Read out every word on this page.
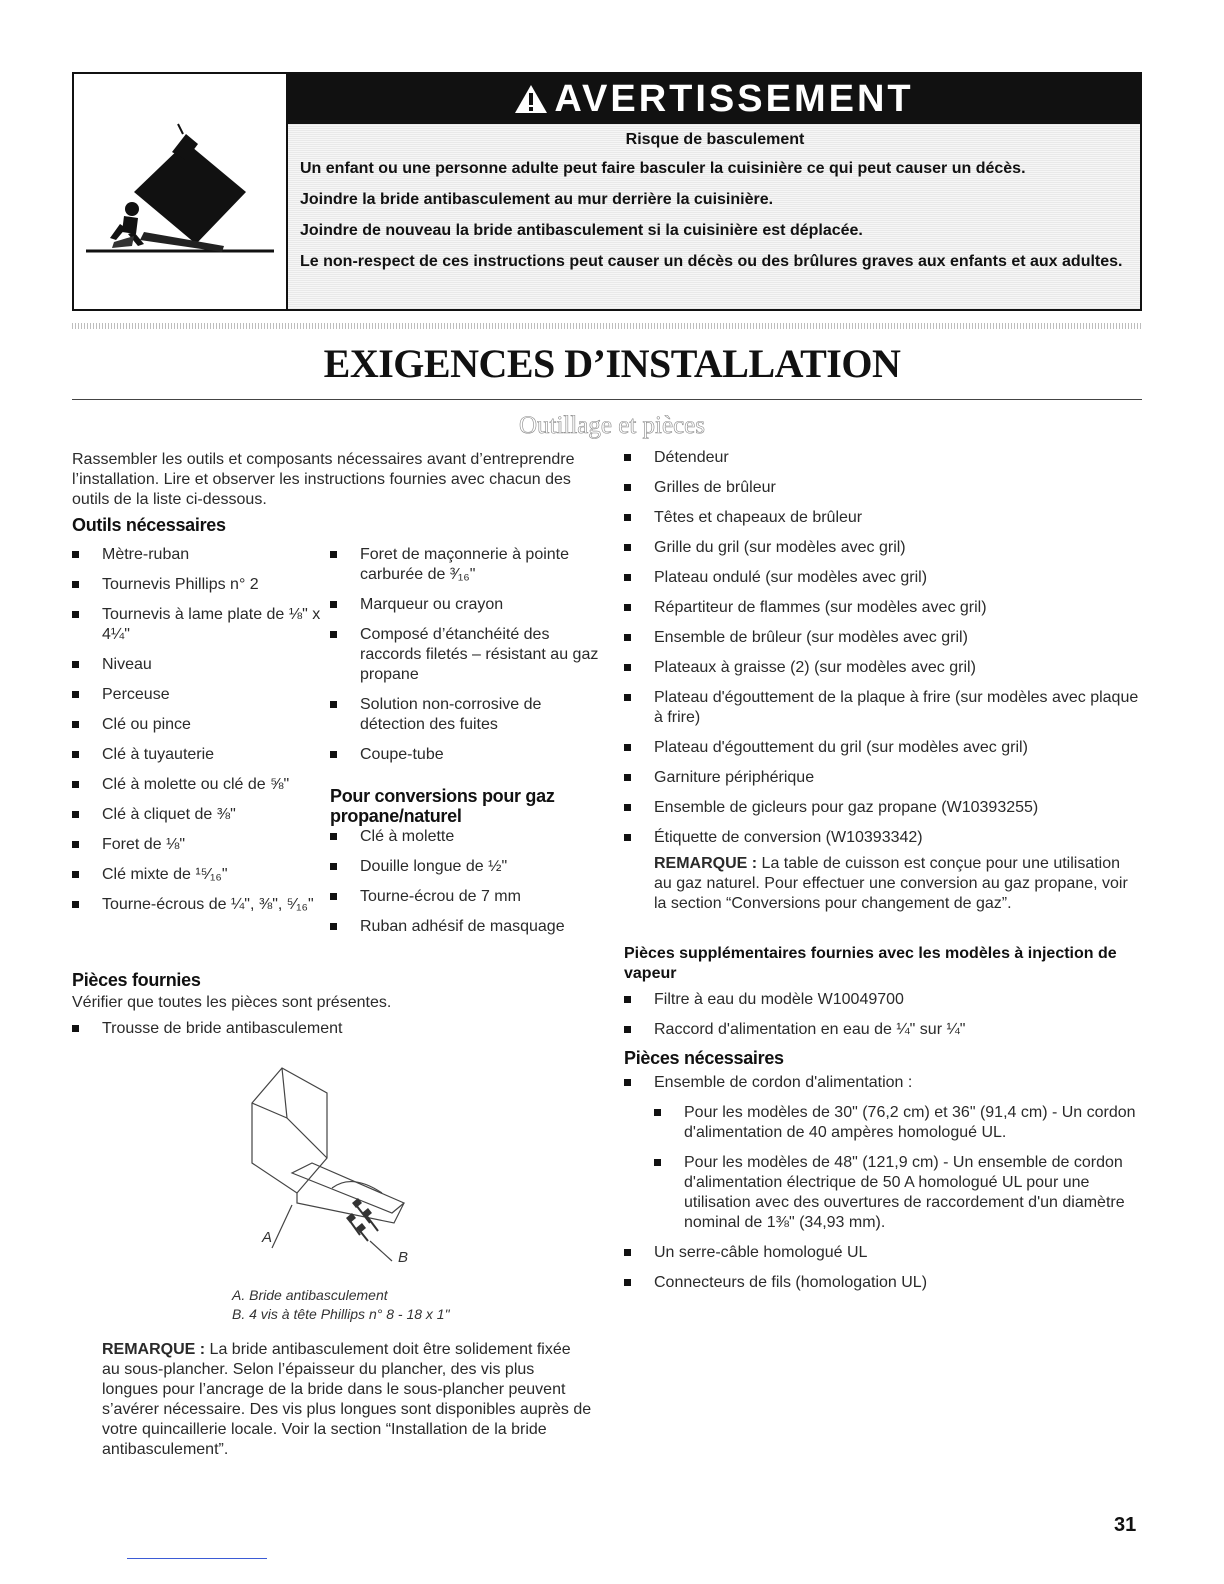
AVERTISSEMENT
Risque de basculement
Un enfant ou une personne adulte peut faire basculer la cuisinière ce qui peut causer un décès.
Joindre la bride antibasculement au mur derrière la cuisinière.
Joindre de nouveau la bride antibasculement si la cuisinière est déplacée.
Le non-respect de ces instructions peut causer un décès ou des brûlures graves aux enfants et aux adultes.
EXIGENCES D’INSTALLATION
Outillage et pièces
Rassembler les outils et composants nécessaires avant d’entreprendre l’installation. Lire et observer les instructions fournies avec chacun des outils de la liste ci-dessous.
Outils nécessaires
Mètre-ruban
Tournevis Phillips n° 2
Tournevis à lame plate de ⅛" x 4¼"
Niveau
Perceuse
Clé ou pince
Clé à tuyauterie
Clé à molette ou clé de ⅝"
Clé à cliquet de ⅜"
Foret de ⅛"
Clé mixte de ¹⁵⁄₁₆"
Tourne-écrous de ¼", ⅜", ⁵⁄₁₆"
Foret de maçonnerie à pointe carburée de ³⁄₁₆"
Marqueur ou crayon
Composé d’étanchéité des raccords filetés – résistant au gaz propane
Solution non-corrosive de détection des fuites
Coupe-tube
Pour conversions pour gaz propane/naturel
Clé à molette
Douille longue de ½"
Tourne-écrou de 7 mm
Ruban adhésif de masquage
Pièces fournies
Vérifier que toutes les pièces sont présentes.
Trousse de bride antibasculement
A
B
A. Bride antibasculement
B. 4 vis à tête Phillips n° 8 - 18 x 1"
REMARQUE : La bride antibasculement doit être solidement fixée au sous-plancher. Selon l’épaisseur du plancher, des vis plus longues pour l’ancrage de la bride dans le sous-plancher peuvent s’avérer nécessaire. Des vis plus longues sont disponibles auprès de votre quincaillerie locale. Voir la section “Installation de la bride antibasculement”.
Détendeur
Grilles de brûleur
Têtes et chapeaux de brûleur
Grille du gril (sur modèles avec gril)
Plateau ondulé (sur modèles avec gril)
Répartiteur de flammes (sur modèles avec gril)
Ensemble de brûleur (sur modèles avec gril)
Plateaux à graisse (2) (sur modèles avec gril)
Plateau d'égouttement de la plaque à frire (sur modèles avec plaque à frire)
Plateau d'égouttement du gril (sur modèles avec gril)
Garniture périphérique
Ensemble de gicleurs pour gaz propane (W10393255)
Étiquette de conversion (W10393342)
REMARQUE : La table de cuisson est conçue pour une utilisation au gaz naturel. Pour effectuer une conversion au gaz propane, voir la section “Conversions pour changement de gaz”.
Pièces supplémentaires fournies avec les modèles à injection de vapeur
Filtre à eau du modèle W10049700
Raccord d'alimentation en eau de ¼" sur ¼"
Pièces nécessaires
Ensemble de cordon d'alimentation :
Pour les modèles de 30" (76,2 cm) et 36" (91,4 cm) - Un cordon d'alimentation de 40 ampères homologué UL.
Pour les modèles de 48" (121,9 cm) - Un ensemble de cordon d'alimentation électrique de 50 A homologué UL pour une utilisation avec des ouvertures de raccordement d'un diamètre nominal de 1⅜" (34,93 mm).
Un serre-câble homologué UL
Connecteurs de fils (homologation UL)
31
